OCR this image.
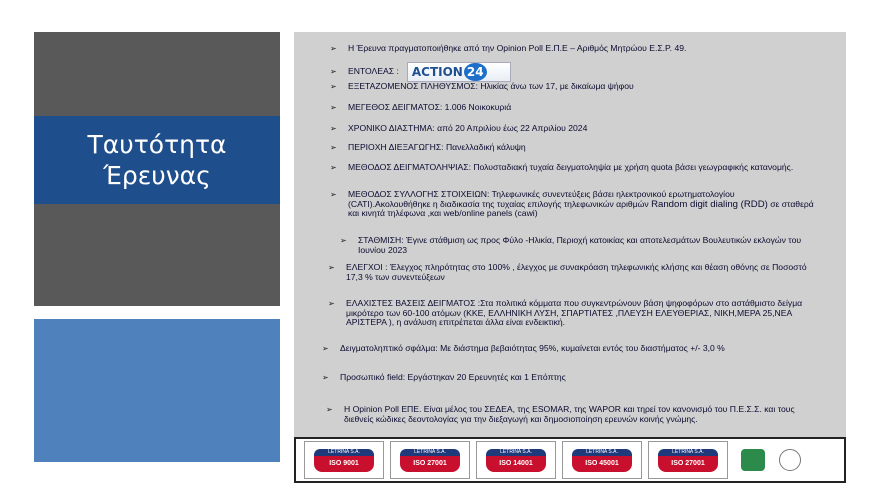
Ταυτότητα
Έρευνας
➢	Η Έρευνα πραγματοποιήθηκε από την Opinion Poll Ε.Π.Ε – Αριθμός Μητρώου Ε.Σ.Ρ. 49.
➢	ΕΝΤΟΛΕΑΣ :	ACTION 24
➢	ΕΞΕΤΑΖΟΜΕΝΟΣ ΠΛΗΘΥΣΜΟΣ: Ηλικίας άνω των 17, με δικαίωμα ψήφου
➢	ΜΕΓΕΘΟΣ ΔΕΙΓΜΑΤΟΣ: 1.006 Νοικοκυριά
➢	ΧΡΟΝΙΚΟ ΔΙΑΣΤΗΜΑ: από 20 Απριλίου έως 22 Απριλίου 2024
➢	ΠΕΡΙΟΧΗ ΔΙΕΞΑΓΩΓΗΣ: Πανελλαδική κάλυψη
➢	ΜΕΘΟΔΟΣ ΔΕΙΓΜΑΤΟΛΗΨΙΑΣ: Πολυσταδιακή τυχαία δειγματοληψία με χρήση quota βάσει γεωγραφικής κατανομής.
➢	ΜΕΘΟΔΟΣ ΣΥΛΛΟΓΗΣ ΣΤΟΙΧΕΙΩΝ: Τηλεφωνικές συνεντεύξεις βάσει ηλεκτρονικού ερωτηματολογίου (CATI).Ακολουθήθηκε η διαδικασία της τυχαίας επιλογής τηλεφωνικών αριθμών Random digit dialing (RDD) σε σταθερά και κινητά τηλέφωνα ,και web/online panels (cawi)
➢	ΣΤΑΘΜΙΣΗ: Έγινε στάθμιση ως προς Φύλο -Ηλικία, Περιοχή κατοικίας και αποτελεσμάτων Βουλευτικών εκλογών του Ιουνίου 2023
➢	ΕΛΕΓΧΟΙ : Έλεγχος πληρότητας στο 100% , έλεγχος με συνακρόαση τηλεφωνικής κλήσης και θέαση οθόνης σε Ποσοστό 17,3 % των συνεντεύξεων
➢	ΕΛΑΧΙΣΤΕΣ ΒΑΣΕΙΣ ΔΕΙΓΜΑΤΟΣ :Στα πολιτικά κόμματα που συγκεντρώνουν βάση ψηφοφόρων στο αστάθμιστο δείγμα μικρότερο των 60-100 ατόμων (ΚΚΕ, ΕΛΛΗΝΙΚΗ ΛΥΣΗ, ΣΠΑΡΤΙΑΤΕΣ ,ΠΛΕΥΣΗ ΕΛΕΥΘΕΡΙΑΣ, ΝΙΚΗ,ΜΕΡΑ 25,ΝΕΑ ΑΡΙΣΤΕΡΑ ), η ανάλυση επιτρέπεται άλλα είναι ενδεικτική.
➢	Δειγματοληπτικό σφάλμα: Με διάστημα βεβαιότητας 95%, κυμαίνεται εντός του διαστήματος +/- 3,0 %
➢	Προσωπικό field: Εργάστηκαν 20 Ερευνητές και 1 Επόπτης
➢	Η Opinion Poll ΕΠΕ. Είναι μέλος του ΣΕΔΕΑ, της ESOMAR, της WAPOR και τηρεί τον κανονισμό του Π.Ε.Σ.Σ. και τους διεθνείς κώδικες δεοντολογίας για την διεξαγωγή και δημοσιοποίηση ερευνών κοινής γνώμης.
LETRINA S.A.
ISO 9001
LETRINA S.A.
ISO 27001
LETRINA S.A.
ISO 14001
LETRINA S.A.
ISO 45001
LETRINA S.A.
ISO 27001
